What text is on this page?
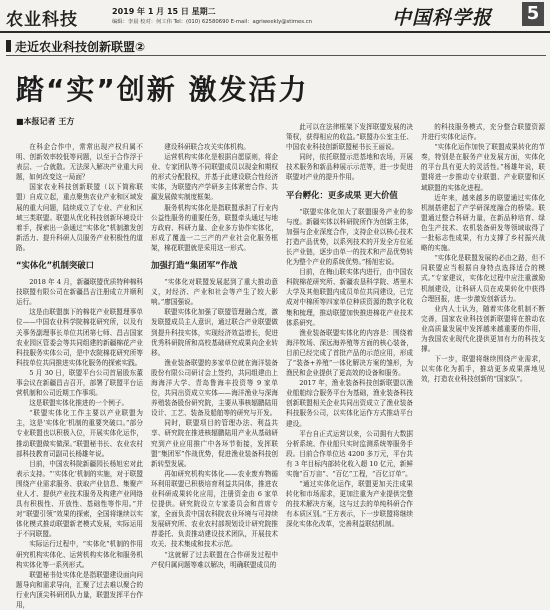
农业科技	2019 年 1 月 15 日 星期二
编辑：李晨 校对：何工伟 Tel：(010) 62580690 E-mail：agriweekly@stimes.cn	中国科学报 5
走近农业科技创新联盟②
踏“实”创新 激发活力
■本报记者 王方

在科企合作中，常常出现产权归属不明、创新效率较低等问题，以至于合作浮于表层、一合就散。无法深入解决产业重大问题，如何改变这一局面？

国家农业科技创新联盟（以下简称联盟）自成立起，重点聚焦农业产业和区域发展的重大问题，陆续成立了专业、产业和区域三类联盟。联盟从优化科技创新环境设计着手，探索出一条通过“实体化”机制激发创新活力、提升科研人员服务产业积极性的道路。

“实体化”机制突破口

2018 年 4 月，新疆联盟优质特种棉科技联盟有限公司在新疆昌吉注册成立并顺利运行。

这是由联盟旗下的棉花产业联盟理事单位——中国农业科学院棉花研究所，以及有关事务副理事长单位共团第七师、昌吉国家农业园区管委会等共同组建的新疆棉花产业科技服务实体公司，是中农院棉花研究所等科技单位共同推进实体化服务的探索实践。

5 月 30 日，联盟平台公司首届股东董事会议在新疆昌吉召开，部署了联盟平台运营机制和公司近期工作事项。

这是联盟实体化推进的一个例子。

“联盟实体化工作主要以产业联盟为主，这是‘实体化’机制的重要突破口。”部分专业联盟也以积极入位，开展实体化运作，推动联盟做实做深。”联盟秘书长、农业农村部科技教育司副司长杨雄年说。

目前，中国农科院新疆园长杨旭宏对此表示支持。“‘实体化’机制的实施，对于联盟围绕产业需求服务、获取产业信息、集聚产业人才、提供产业技术服务及构建产业网络具有积极性、开放性、基础性等作用。”并对“联盟引领”效果的探索，全国将继续以实体化模式推动联盟新老模式发展，实际运用于不同联盟。

实际运行过程中，“实体化”机制的作用研究机构实体化、运营机构实体化和服务机构实体化等一系列形式。

联盟秘书处实体化是指联盟建设面向问题导向和需求导向，汇聚了过去难以聚合的行业内顶尖科研团队力量，联盟发挥平台作用，

建设科研联合攻关实体机构。

运营机构实体化是根据自愿原则，将企业、专家团队等不同联盟成员以现金和期权的形式分配股权，并基于此建设联合性经济实体，为联盟内产学研多主体紧密合作、共赢发展做实制度框架。

服务机构实体化是指联盟承担了行业内公益性服务的重要任务，联盟牵头通过与地方政府、科研力量、企业多方协作实体化，形成了覆盖一二三产的产业社会化服务框架，棉花联盟就是采用这一形式。

加强打造“集团军”作战

“实体化对联盟发展起到了重大推动意义，对经济、产业和社会等产生了较大影响。”廖国强说。

联盟实体化加强了联盟管理融合度，激发联盟成员主人意识，通过联合产业联盟做到提升科技实体，实现经济效益增长，促进优秀科研院所和高校基础研究成果向企业转移。

渔业装备联盟的多家单位就在海洋装备股份有限公司研讨会上签约，共同组建由上海海洋大学、青岛鲁海丰投资等 9 家单位，共同出资成立实体——海洋渔业与深海养殖装备股份研究院，主要从事核辐鹏陆用设计、工艺、装备及船舶等的研究与开发。

同时，联盟项目的管理办法、利益共享、研究院在推进核辐鹏陆用产业从基础研究到产业应用推广中各环节衔接，发挥联盟“集团军”作战优势，促进渔业装备科技创新转型发展。

再如研究机构实体化——农业废弃物循环利用联盟已积极培育利益共同体，推进农业科研成果转化应用，注册资金由 6 家单位提供。研究院设立专家委员会和首席专家，全面负责中国农科院农业环境与可持续发展研究所、农业农村部规划设计研究院推荐委托、负责推动建设技术团队，开展技术攻关、技术集成和技术示范。

“这就解了过去联盟在合作研发过程中产权归属问题等难以解决，明确联盟成员的

此可以在法律框架下发挥联盟发展的决策权，获得相应的收益。”联盟办公室主任、中国农业科技创新联盟秘书长王丽说。

同时，依托联盟示范基地和农场，开展技术服务和新品种展示示范等，进一步促进联盟对产业的提升作用。

平台孵化：更多成果 更大价值

“联盟实体化加大了联盟服务产业的参与度。新疆实体以科研院所作为创新主体，加强与企业深度合作，支持企业以核心技术打造产品优势，以系列技术的开发全方位延长产业链，逐步由单一的技术和产品优势转化为整个产业的系统优势。”杨旭宏说。

目前，在梅山联实体内进行，由中国农科院棉花研究所、新疆农垦科学院、塔里木大学及其他联盟内成员单位共同建设，已完成对中棉所等四家单位种质资源的数字化收集和梳理，推动联盟加快推进棉花产业技术体系研究。

渔业装备联盟实体化的内容是：围绕着海洋牧场、深远海养殖等方面的核心装备，目前已经完成了首批产品的示范应用，形成了“装备+养殖”一体化解决方案的雏形，为渔民和企业提供了更高效的设备和服务。

2017 年，渔业装备科技创新联盟以渔业船舶综合服务平台为基础，渔业装备科技创新联盟相关企业共同出资成立了渔业装备科技服务公司，以实体化运作方式推动平台建设。

平台自正式运营以来，公司拥有大数据分析系统、作业船只实时监测系统等服务手段。目前合作单位达 4200 多万元，平台共有 3 年目标内部转化收入超 10 亿元，新鲜实施“百万亩”、“百亿”工程，“百亿订单”。

“通过实体化运作，联盟更加关注成果转化和市场需求，更加注重为产业提供完整的技术解决方案，这与过去的单纯科研合作有本质区别。”王方表示，下一步联盟将继续深化实体化改革，完善利益联结机制。

的科技服务模式，充分整合联盟资源并进行实体化运作。

“实体化运作加快了联盟成果转化的节奏，特别是在服务产业发展方面，实体化的平台具有更大的灵活性。”杨雄年说，联盟将进一步推动专业联盟、产业联盟和区域联盟的实体化进程。

近年来，越来越多的联盟通过实体化机制搭建起了产学研深度融合的桥梁。联盟通过整合科研力量，在新品种培育、绿色生产技术、农机装备研发等领域取得了一批标志性成果，有力支撑了乡村振兴战略的实施。

“实体化是联盟发展的必由之路，但不同联盟应当根据自身特点选择适合的模式。”专家建议，实体化过程中应注重激励机制建设，让科研人员在成果转化中获得合理回报，进一步激发创新活力。

业内人士认为，随着实体化机制不断完善，国家农业科技创新联盟将在推动农业高质量发展中发挥越来越重要的作用，为我国农业现代化提供更加有力的科技支撑。

下一步，联盟将继续围绕产业需求，以实体化为抓手，推动更多成果落地见效，打造农业科技创新的“国家队”。
